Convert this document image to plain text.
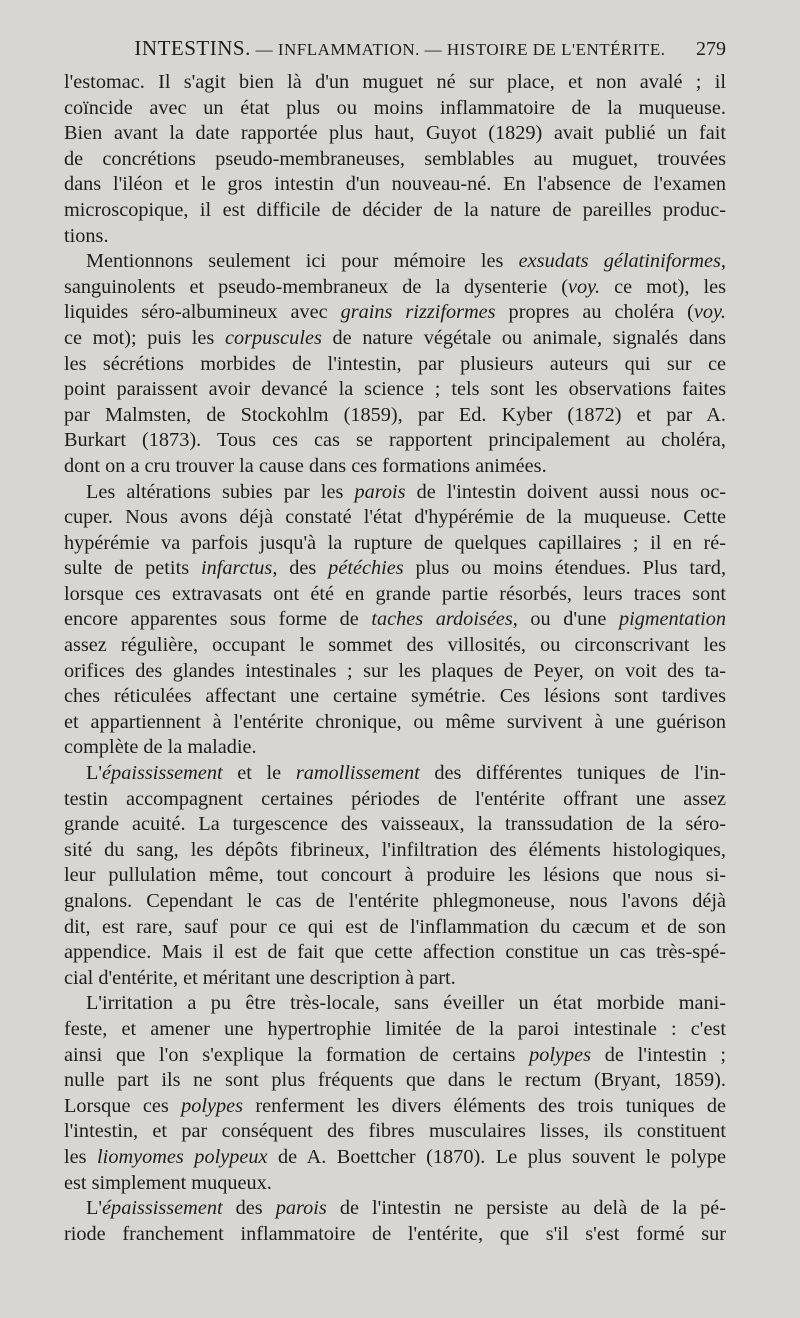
INTESTINS. — INFLAMMATION. — HISTOIRE DE L'ENTÉRITE.	279
l'estomac. Il s'agit bien là d'un muguet né sur place, et non avalé ; il
coïncide avec un état plus ou moins inflammatoire de la muqueuse.
Bien avant la date rapportée plus haut, Guyot (1829) avait publié un fait
de concrétions pseudo-membraneuses, semblables au muguet, trouvées
dans l'iléon et le gros intestin d'un nouveau-né. En l'absence de l'examen
microscopique, il est difficile de décider de la nature de pareilles produc-
tions.
Mentionnons seulement ici pour mémoire les exsudats gélatiniformes,
sanguinolents et pseudo-membraneux de la dysenterie (voy. ce mot), les
liquides séro-albumineux avec grains rizziformes propres au choléra (voy.
ce mot); puis les corpuscules de nature végétale ou animale, signalés dans
les sécrétions morbides de l'intestin, par plusieurs auteurs qui sur ce
point paraissent avoir devancé la science ; tels sont les observations faites
par Malmsten, de Stockohlm (1859), par Ed. Kyber (1872) et par A.
Burkart (1873). Tous ces cas se rapportent principalement au choléra,
dont on a cru trouver la cause dans ces formations animées.
Les altérations subies par les parois de l'intestin doivent aussi nous oc-
cuper. Nous avons déjà constaté l'état d'hypérémie de la muqueuse. Cette
hypérémie va parfois jusqu'à la rupture de quelques capillaires ; il en ré-
sulte de petits infarctus, des pétéchies plus ou moins étendues. Plus tard,
lorsque ces extravasats ont été en grande partie résorbés, leurs traces sont
encore apparentes sous forme de taches ardoisées, ou d'une pigmentation
assez régulière, occupant le sommet des villosités, ou circonscrivant les
orifices des glandes intestinales ; sur les plaques de Peyer, on voit des ta-
ches réticulées affectant une certaine symétrie. Ces lésions sont tardives
et appartiennent à l'entérite chronique, ou même survivent à une guérison
complète de la maladie.
L'épaississement et le ramollissement des différentes tuniques de l'in-
testin accompagnent certaines périodes de l'entérite offrant une assez
grande acuité. La turgescence des vaisseaux, la transsudation de la séro-
sité du sang, les dépôts fibrineux, l'infiltration des éléments histologiques,
leur pullulation même, tout concourt à produire les lésions que nous si-
gnalons. Cependant le cas de l'entérite phlegmoneuse, nous l'avons déjà
dit, est rare, sauf pour ce qui est de l'inflammation du cæcum et de son
appendice. Mais il est de fait que cette affection constitue un cas très-spé-
cial d'entérite, et méritant une description à part.
L'irritation a pu être très-locale, sans éveiller un état morbide mani-
feste, et amener une hypertrophie limitée de la paroi intestinale : c'est
ainsi que l'on s'explique la formation de certains polypes de l'intestin ;
nulle part ils ne sont plus fréquents que dans le rectum (Bryant, 1859).
Lorsque ces polypes renferment les divers éléments des trois tuniques de
l'intestin, et par conséquent des fibres musculaires lisses, ils constituent
les liomyomes polypeux de A. Boettcher (1870). Le plus souvent le polype
est simplement muqueux.
L'épaississement des parois de l'intestin ne persiste au delà de la pé-
riode franchement inflammatoire de l'entérite, que s'il s'est formé sur
